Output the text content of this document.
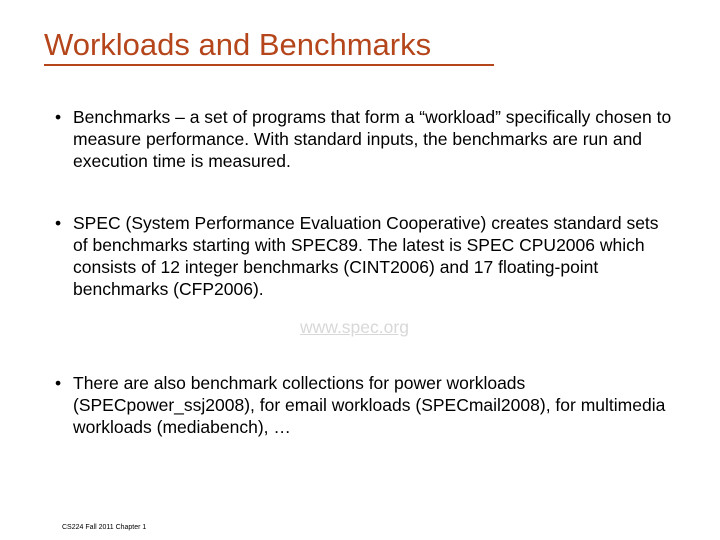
Workloads and Benchmarks
• Benchmarks – a set of programs that form a “workload” specifically chosen to measure performance. With standard inputs, the benchmarks are run and execution time is measured.
• SPEC (System Performance Evaluation Cooperative) creates standard sets of benchmarks starting with SPEC89. The latest is SPEC CPU2006 which consists of 12 integer benchmarks (CINT2006) and 17 floating-point benchmarks (CFP2006).
www.spec.org
• There are also benchmark collections for power workloads (SPECpower_ssj2008), for email workloads (SPECmail2008), for multimedia workloads (mediabench), …
CS224 Fall 2011 Chapter 1
